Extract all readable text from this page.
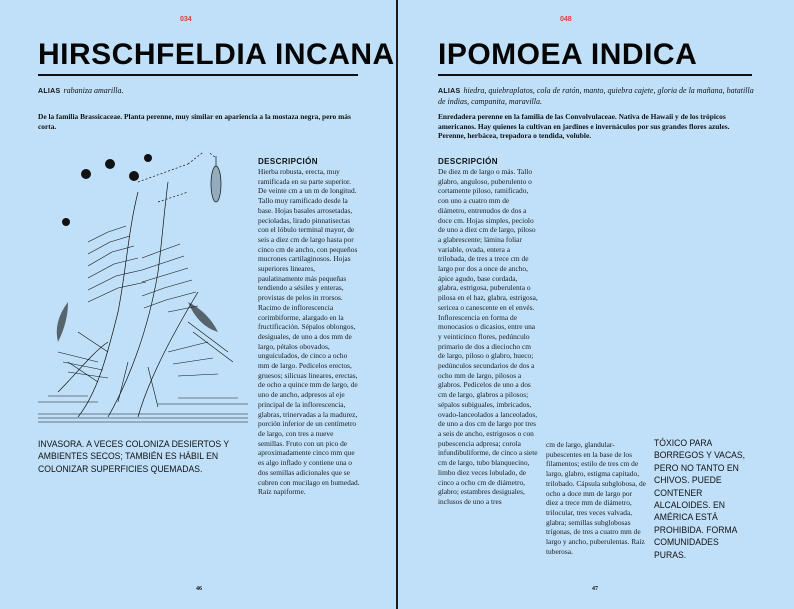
034
HIRSCHFELDIA INCANA
ALIAS rabaniza amarilla.
De la familia Brassicaceae. Planta perenne, muy similar en apariencia a la mostaza negra, pero más corta.
DESCRIPCIÓN
Hierba robusta, erecta, muy ramificada en su parte superior. De veinte cm a un m de longitud. Tallo muy ramificado desde la base. Hojas basales arrosetadas, pecioladas, lirado pinnatisectas con el lóbulo terminal mayor, de seis a diez cm de largo hasta por cinco cm de ancho, con pequeños mucrones cartilaginosos. Hojas superiores lineares, paulatinamente más pequeñas tendiendo a sésiles y enteras, provistas de pelos in rrorsos. Racimo de inflorescencia corimbiforme, alargado en la fructificación. Sépalos oblongos, desiguales, de uno a dos mm de largo, pétalos obovados, unguiculados, de cinco a ocho mm de largo. Pedicelos erectos, gruesos; silicuas lineares, erectas, de ocho a quince mm de largo, de uno de ancho, adpresos al eje principal de la inflorescencia, glabras, trinervadas a la madurez, porción inferior de un centímetro de largo, con tres a nueve semillas. Fruto con un pico de aproximadamente cinco mm que es algo inflado y contiene una o dos semillas adicionales que se cubren con mucilago en humedad. Raíz napiforme.
INVASORA. A VECES COLONIZA DESIERTOS Y AMBIENTES SECOS; TAMBIÉN ES HÁBIL EN COLONIZAR SUPERFICIES QUEMADAS.
46
048
IPOMOEA INDICA
ALIAS hiedra, quiebraplatos, cola de ratón, manto, quiebra cajete, gloria de la mañana, batatilla de indias, campanita, maravilla.
Enredadera perenne en la familia de las Convolvulaceae. Nativa de Hawaii y de los trópicos americanos. Hay quienes la cultivan en jardines e invernáculos por sus grandes flores azules. Perenne, herbácea, trepadora o tendida, voluble.
DESCRIPCIÓN
De diez m de largo o más. Tallo glabro, anguloso, puberulento o cortamente piloso, ramificado, con uno a cuatro mm de diámetro, entrenudos de dos a doce cm. Hojas simples, peciolo de uno a diez cm de largo, piloso a glabrescente; lámina foliar variable, ovada, entera a trilobada, de tres a trece cm de largo por dos a once de ancho, ápice agudo, base cordada, glabra, estrigosa, puberulenta o pilosa en el haz, glabra, estrigosa, sericea o canescente en el envés. Inflorescencia en forma de monocasios o dicasios, entre una y veinticinco flores, pedúnculo primario de dos a dieciocho cm de largo, piloso o glabro, hueco; pedúnculos secundarios de dos a ocho mm de largo, pilosos a glabros. Pedicelos de uno a dos cm de largo, glabros a pilosos; sépalos subiguales, imbricados, ovado-lanceolados a lanceolados, de uno a dos cm de largo por tres a seis de ancho, estrigosos o con pubescencia adpresa; corola infundibuliforme, de cinco a siete cm de largo, tubo blanquecino, limbo diez veces lobulado, de cinco a ocho cm de diámetro, glabro; estambres desiguales, inclusos de uno a tres
cm de largo, glandular-pubescentes en la base de los filamentos; estilo de tres cm de largo, glabro, estigma capitado, trilobado. Cápsula subglobosa, de ocho a doce mm de largo por diez a trece mm de diámetro, trilocular, tres veces valvada, glabra; semillas subglobosas trígonas, de tres a cuatro mm de largo y ancho, puberulentas. Raíz tuberosa.
TÓXICO PARA BORREGOS Y VACAS, PERO NO TANTO EN CHIVOS. PUEDE CONTENER ALCALOIDES. EN AMÉRICA ESTÁ PROHIBIDA. FORMA COMUNIDADES PURAS.
47
